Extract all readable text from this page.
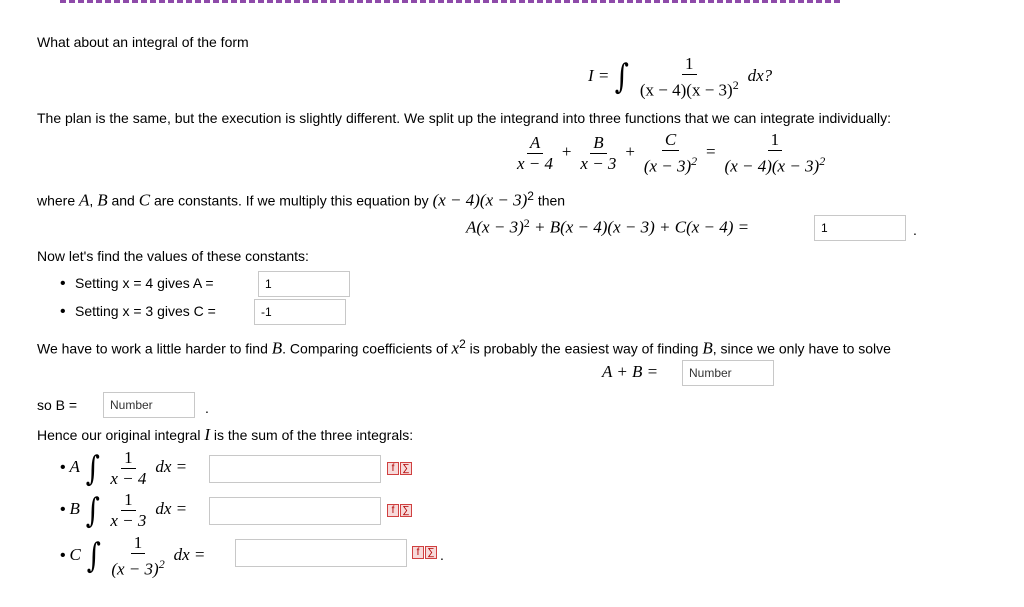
What about an integral of the form
I = ∫ $\frac{1}{(x - 4)(x - 3)^2}$ dx?
The plan is the same, but the execution is slightly different. We split up the integrand into three functions that we can integrate individually:
$\frac{A}{x - 4} + \frac{B}{x - 3} + \frac{C}{(x - 3)^2} = \frac{1}{(x - 4)(x - 3)^2}$
where A, B and C are constants. If we multiply this equation by $(x - 4)(x - 3)^2$ then
$A(x - 3)^2 + B(x - 4)(x - 3) + C(x - 4)$ =	1	.
Now let's find the values of these constants:
• Setting x = 4 gives A =	1
• Setting x = 3 gives C =	-1
We have to work a little harder to find B. Comparing coefficients of $x^2$ is probably the easiest way of finding B, since we only have to solve
A + B =	Number
so B =	Number	.
Hence our original integral I is the sum of the three integrals:
• A ∫ $\frac{1}{x - 4}$ dx =	f ∑
• B ∫ $\frac{1}{x - 3}$ dx =	f ∑
• C ∫ $\frac{1}{(x - 3)^2}$ dx =	f ∑ .
